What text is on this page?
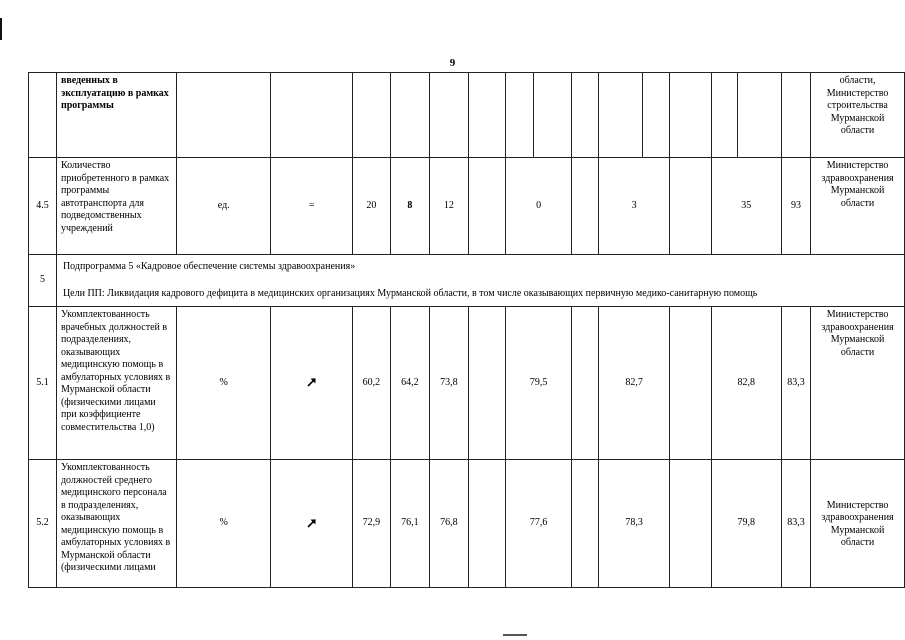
9
	введенных в эксплуатацию в рамках программы																области, Министерство строительства Мурманской области
4.5	Количество приобретенного в рамках программы автотранспорта для подведомственных учреждений	ед.	=	20	8	12		0			3			35		93	Министерство здравоохранения Мурманской области
5	Подпрограмма 5 «Кадровое обеспечение системы здравоохранения»
Цели ПП: Ликвидация кадрового дефицита в медицинских организациях Мурманской области, в том числе оказывающих первичную медико-санитарную помощь																

5.1	Укомплектованность врачебных должностей в подразделениях, оказывающих медицинскую помощь в амбулаторных условиях в Мурманской области (физическими лицами при коэффициенте совместительства 1,0)	%		60,2	64,2	73,8		79,5			82,7			82,8		83,3	Министерство здравоохранения Мурманской области
5.2	Укомплектованность должностей среднего медицинского персонала в подразделениях, оказывающих медицинскую помощь в амбулаторных условиях в Мурманской области (физическими лицами	%		72,9	76,1	76,8		77,6			78,3			79,8		83,3	Министерство здравоохранения Мурманской области
